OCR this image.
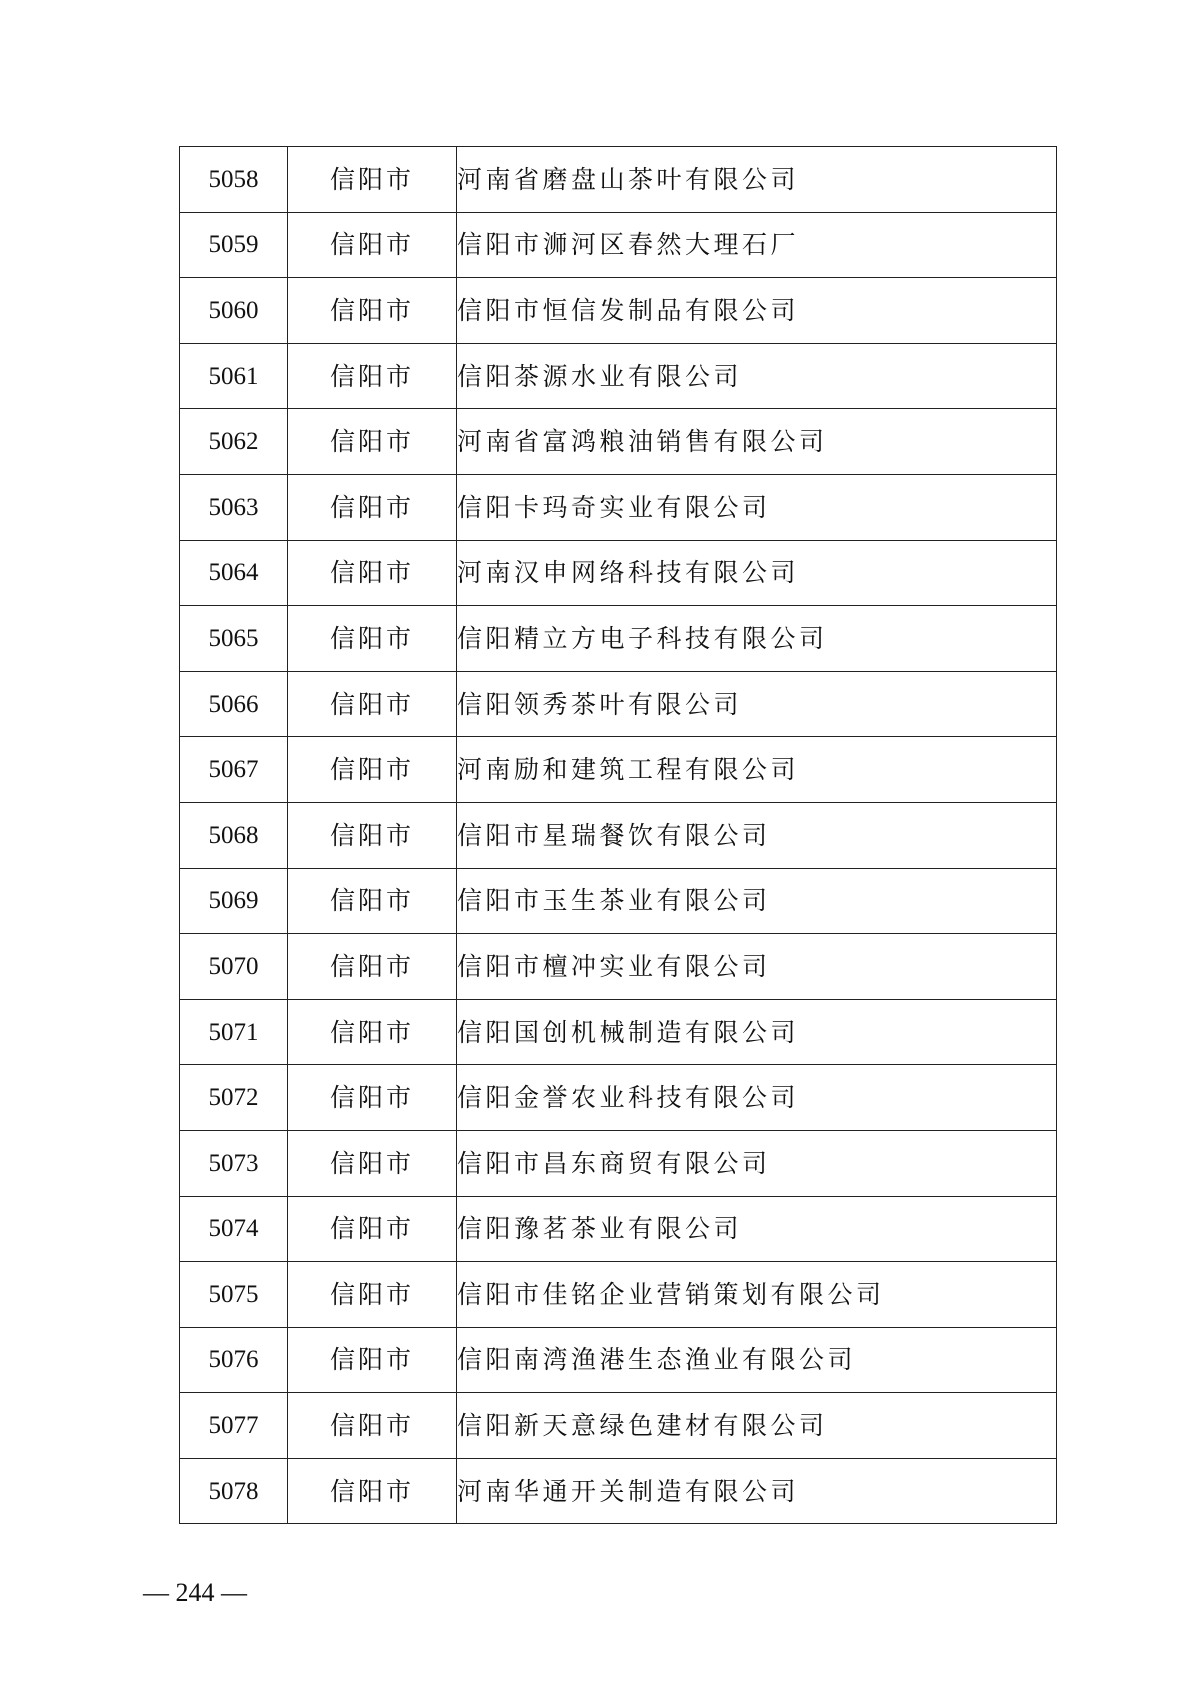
5058	信阳市	河南省磨盘山茶叶有限公司
5059	信阳市	信阳市浉河区春然大理石厂
5060	信阳市	信阳市恒信发制品有限公司
5061	信阳市	信阳茶源水业有限公司
5062	信阳市	河南省富鸿粮油销售有限公司
5063	信阳市	信阳卡玛奇实业有限公司
5064	信阳市	河南汉申网络科技有限公司
5065	信阳市	信阳精立方电子科技有限公司
5066	信阳市	信阳领秀茶叶有限公司
5067	信阳市	河南励和建筑工程有限公司
5068	信阳市	信阳市星瑞餐饮有限公司
5069	信阳市	信阳市玉生茶业有限公司
5070	信阳市	信阳市檀冲实业有限公司
5071	信阳市	信阳国创机械制造有限公司
5072	信阳市	信阳金誉农业科技有限公司
5073	信阳市	信阳市昌东商贸有限公司
5074	信阳市	信阳豫茗茶业有限公司
5075	信阳市	信阳市佳铭企业营销策划有限公司
5076	信阳市	信阳南湾渔港生态渔业有限公司
5077	信阳市	信阳新天意绿色建材有限公司
5078	信阳市	河南华通开关制造有限公司
— 244 —
